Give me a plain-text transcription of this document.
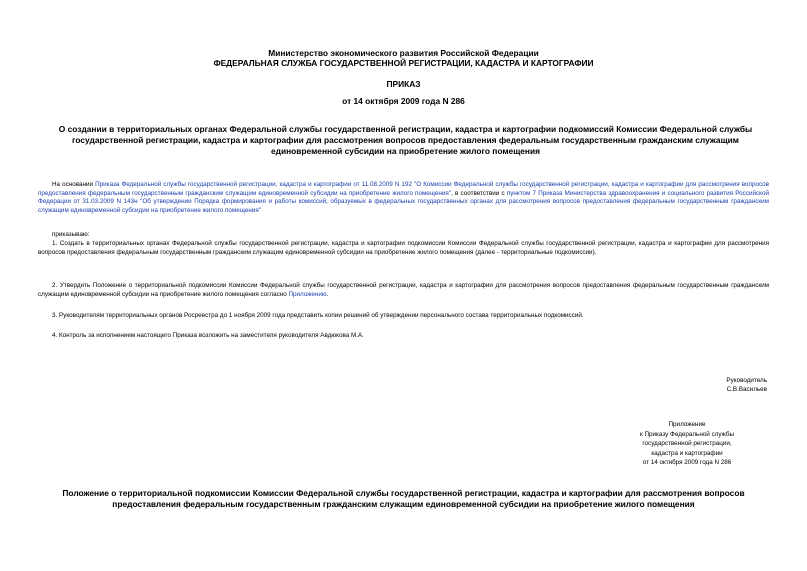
Министерство экономического развития Российской Федерации
ФЕДЕРАЛЬНАЯ СЛУЖБА ГОСУДАРСТВЕННОЙ РЕГИСТРАЦИИ, КАДАСТРА И КАРТОГРАФИИ
ПРИКАЗ
от 14 октября 2009 года N 286
О создании в территориальных органах Федеральной службы государственной регистрации, кадастра и картографии подкомиссий Комиссии Федеральной службы государственной регистрации, кадастра и картографии для рассмотрения вопросов предоставления федеральным государственным гражданским служащим единовременной субсидии на приобретение жилого помещения
На основании Приказа Федеральной службы государственной регистрации, кадастра и картографии от 11.08.2009 N 192 "О Комиссии Федеральной службы государственной регистрации, кадастра и картографии для рассмотрения вопросов предоставления федеральным государственным гражданским служащим единовременной субсидии на приобретение жилого помещения", в соответствии с пунктом 7 Приказа Министерства здравоохранения и социального развития Российской Федерации от 31.03.2009 N 143н "Об утверждении Порядка формирования и работы комиссий, образуемых в федеральных государственных органах для рассмотрения вопросов предоставления федеральным государственным гражданским служащим единовременной субсидии на приобретение жилого помещения"
приказываю:
1. Создать в территориальных органах Федеральной службы государственной регистрации, кадастра и картографии подкомиссии Комиссии Федеральной службы государственной регистрации, кадастра и картографии для рассмотрения вопросов предоставления федеральным государственным гражданским служащим единовременной субсидии на приобретение жилого помещения (далее - территориальные подкомиссии).
2. Утвердить Положение о территориальной подкомиссии Комиссии Федеральной службы государственной регистрации, кадастра и картографии для рассмотрения вопросов предоставления федеральным государственным гражданским служащим единовременной субсидии на приобретение жилого помещения согласно Приложению.
3. Руководителям территориальных органов Росреестра до 1 ноября 2009 года представить копии решений об утверждении персонального состава территориальных подкомиссий.
4. Контроль за исполнением настоящего Приказа возложить на заместителя руководителя Авдюкова М.А.
Руководитель
С.В.Васильев
Приложение
к Приказу Федеральной службы
государственной регистрации,
кадастра и картографии
от 14 октября 2009 года N 286
Положение о территориальной подкомиссии Комиссии Федеральной службы государственной регистрации, кадастра и картографии для рассмотрения вопросов предоставления федеральным государственным гражданским служащим единовременной субсидии на приобретение жилого помещения
